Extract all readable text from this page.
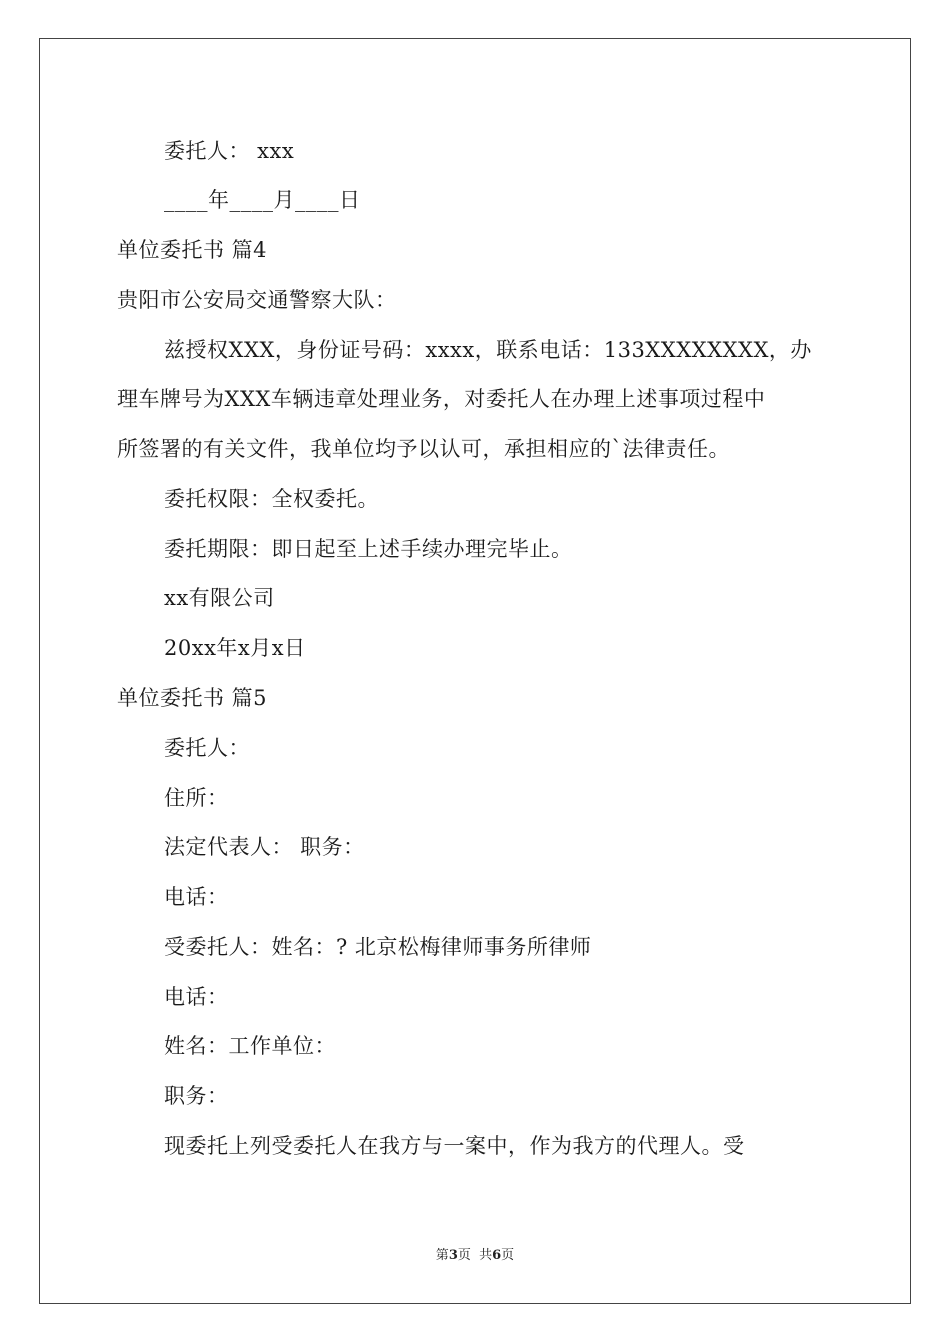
委托人： xxx
____年____月____日
单位委托书 篇4
贵阳市公安局交通警察大队：
兹授权XXX，身份证号码：xxxx，联系电话：133XXXXXXXX，办
理车牌号为XXX车辆违章处理业务，对委托人在办理上述事项过程中
所签署的有关文件，我单位均予以认可，承担相应的`法律责任。
委托权限：全权委托。
委托期限：即日起至上述手续办理完毕止。
xx有限公司
20xx年x月x日
单位委托书 篇5
委托人：
住所：
法定代表人： 职务：
电话：
受委托人：姓名：? 北京松梅律师事务所律师
电话：
姓名：工作单位：
职务：
现委托上列受委托人在我方与一案中，作为我方的代理人。受
第3页  共6页
